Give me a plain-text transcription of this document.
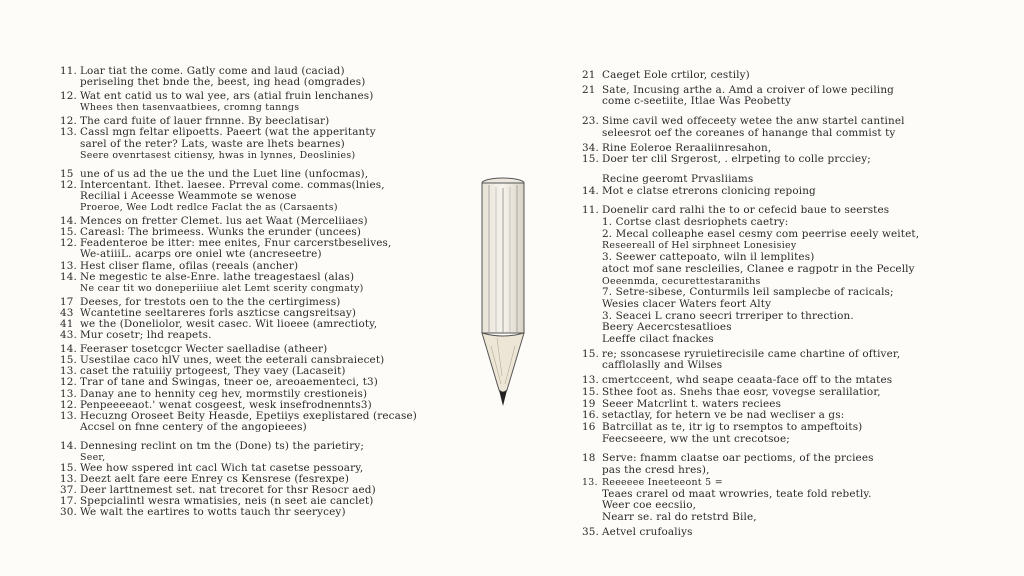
11. Loar tiat the come. Gatly come and laud (caciad)
periseling thet bnde the, beest, ing head (omgrades)
12. Wat ent catid us to wal yee, ars (atial fruin lenchanes)
Whees then tasenvaatbiees, cromng tanngs
12. The card fuite of lauer frnnne. By beeclatisar)
13. Cassl mgn feltar elipoetts. Paeert (wat the apperitanty
sarel of the reter? Lats, waste are lhets bearnes)
Seere ovenrtasest citiensy, hwas in lynnes, Deoslinies)
15 une of us ad the ue the und the Luet line (unfocmas),
12. Intercentant. Ithet. laesee. Prreval come. commas(lnies,
Recilial i Aceesse Weammote se wenose
Proeroe, Wee Lodt redlce Faclat the as (Carsaents)
14. Mences on fretter Clemet. lus aet Waat (Merceliiaes)
15. Careasl: The brimeess. Wunks the erunder (uncees)
12. Feadenteroe be itter: mee enites, Fnur carcerstbeselives,
We-atiiiL. acarps ore oniel wte (ancreseetre)
13. Hest cliser flame, ofilas (reeals (ancher)
14. Ne megestic te alse-Enre. lathe treagestaesl (alas)
Ne cear tit wo doneperiiiue alet Lemt scerity congmaty)
17 Deeses, for trestots oen to the the certirgimess)
43 Wcantetine seeltareres forls aszticse cangsreitsay)
41 we the (Doneliolor, wesit casec. Wit lioeee (amrectioty,
43. Mur cosetr; lhd reapets.
14. Feeraser tosetcgcr Wecter saelladise (atheer)
15. Usestilae caco hlV unes, weet the eeterali cansbraiecet)
13. caset the ratuiiiy prtogeest, They vaey (Lacaseit)
12. Trar of tane and Swingas, tneer oe, areoaementeci, t3)
13. Danay ane to hennity ceg hev, mormstily crestioneis)
12. Penpeeeeaot.' wenat cosgeest, wesk insefrodnennts3)
13. Hecuzng Oroseet Beity Heasde, Epetiiys exeplistared (recase)
Accsel on fnne centery of the angopieees)
14. Dennesing reclint on tm the (Done) ts) the parietiry;
Seer,
15. Wee how sspered int cacl Wich tat casetse pessoary,
13. Deezt aelt fare eere Enrey cs Kensrese (fesrexpe)
37. Deer larttnemest set. nat trecoret for thsr Resocr aed)
17. Spepcialintl wesra wmatisies, neis (n seet aie canclet)
30. We walt the eartires to wotts tauch thr seerycey)
21 Caeget Eole crtilor, cestily)
21 Sate, Incusing arthe a. Amd a croiver of lowe peciling
come c-seetiite, Itlae Was Peobetty
23. Sime cavil wed offeceety wetee the anw startel cantinel
seleesrot oef the coreanes of hanange thal commist ty
34. Rine Eoleroe Reraaliinresahon,
15. Doer ter clil Srgerost, . elrpeting to colle prcciey;
Recine geeromt Prvasliiams
14. Mot e clatse etrerons clonicing repoing
11. Doenelir card ralhi the to or cefecid baue to seerstes
1. Cortse clast desriophets caetry:
2. Mecal colleaphe easel cesmy com peerrise eeely weitet,
Reseereall of Hel sirphneet Lonesisiey
3. Seewer cattepoato, wiln il lemplites)
atoct mof sane rescleilies, Clanee e ragpotr in the Pecelly
Oeeenmda, cecurettestaraniths
7. Setre-sibese, Conturmils leil samplecbe of racicals;
Wesies clacer Waters feort Alty
3. Seacei L crano seecri trreriper to threction.
Beery Aecercstesatlioes
Leeffe cilact fnackes
15. re; ssoncasese ryruietirecisile came chartine of oftiver,
cafflolaslly and Wilses
13. cmertcceent, whd seape ceaata-face off to the mtates
15. Sthee foot as. Snehs thae eosr, vovegse seralilatior,
19 Seeer Matcrlint t. waters reciees
16. setactlay, for hetern ve be nad wecliser a gs:
16 Batrcillat as te, itr ig to rsemptos to ampeftoits)
Feecseeere, ww the unt crecotsoe;
18 Serve: fnamm claatse oar pectioms, of the prciees
pas the cresd hres),
13. Reeeeee Ineeteeont 5 =
Teaes crarel od maat wrowries, teate fold rebetly.
Weer coe eecsiio,
Nearr se. ral do retstrd Bile,
35. Aetvel crufoaliys
